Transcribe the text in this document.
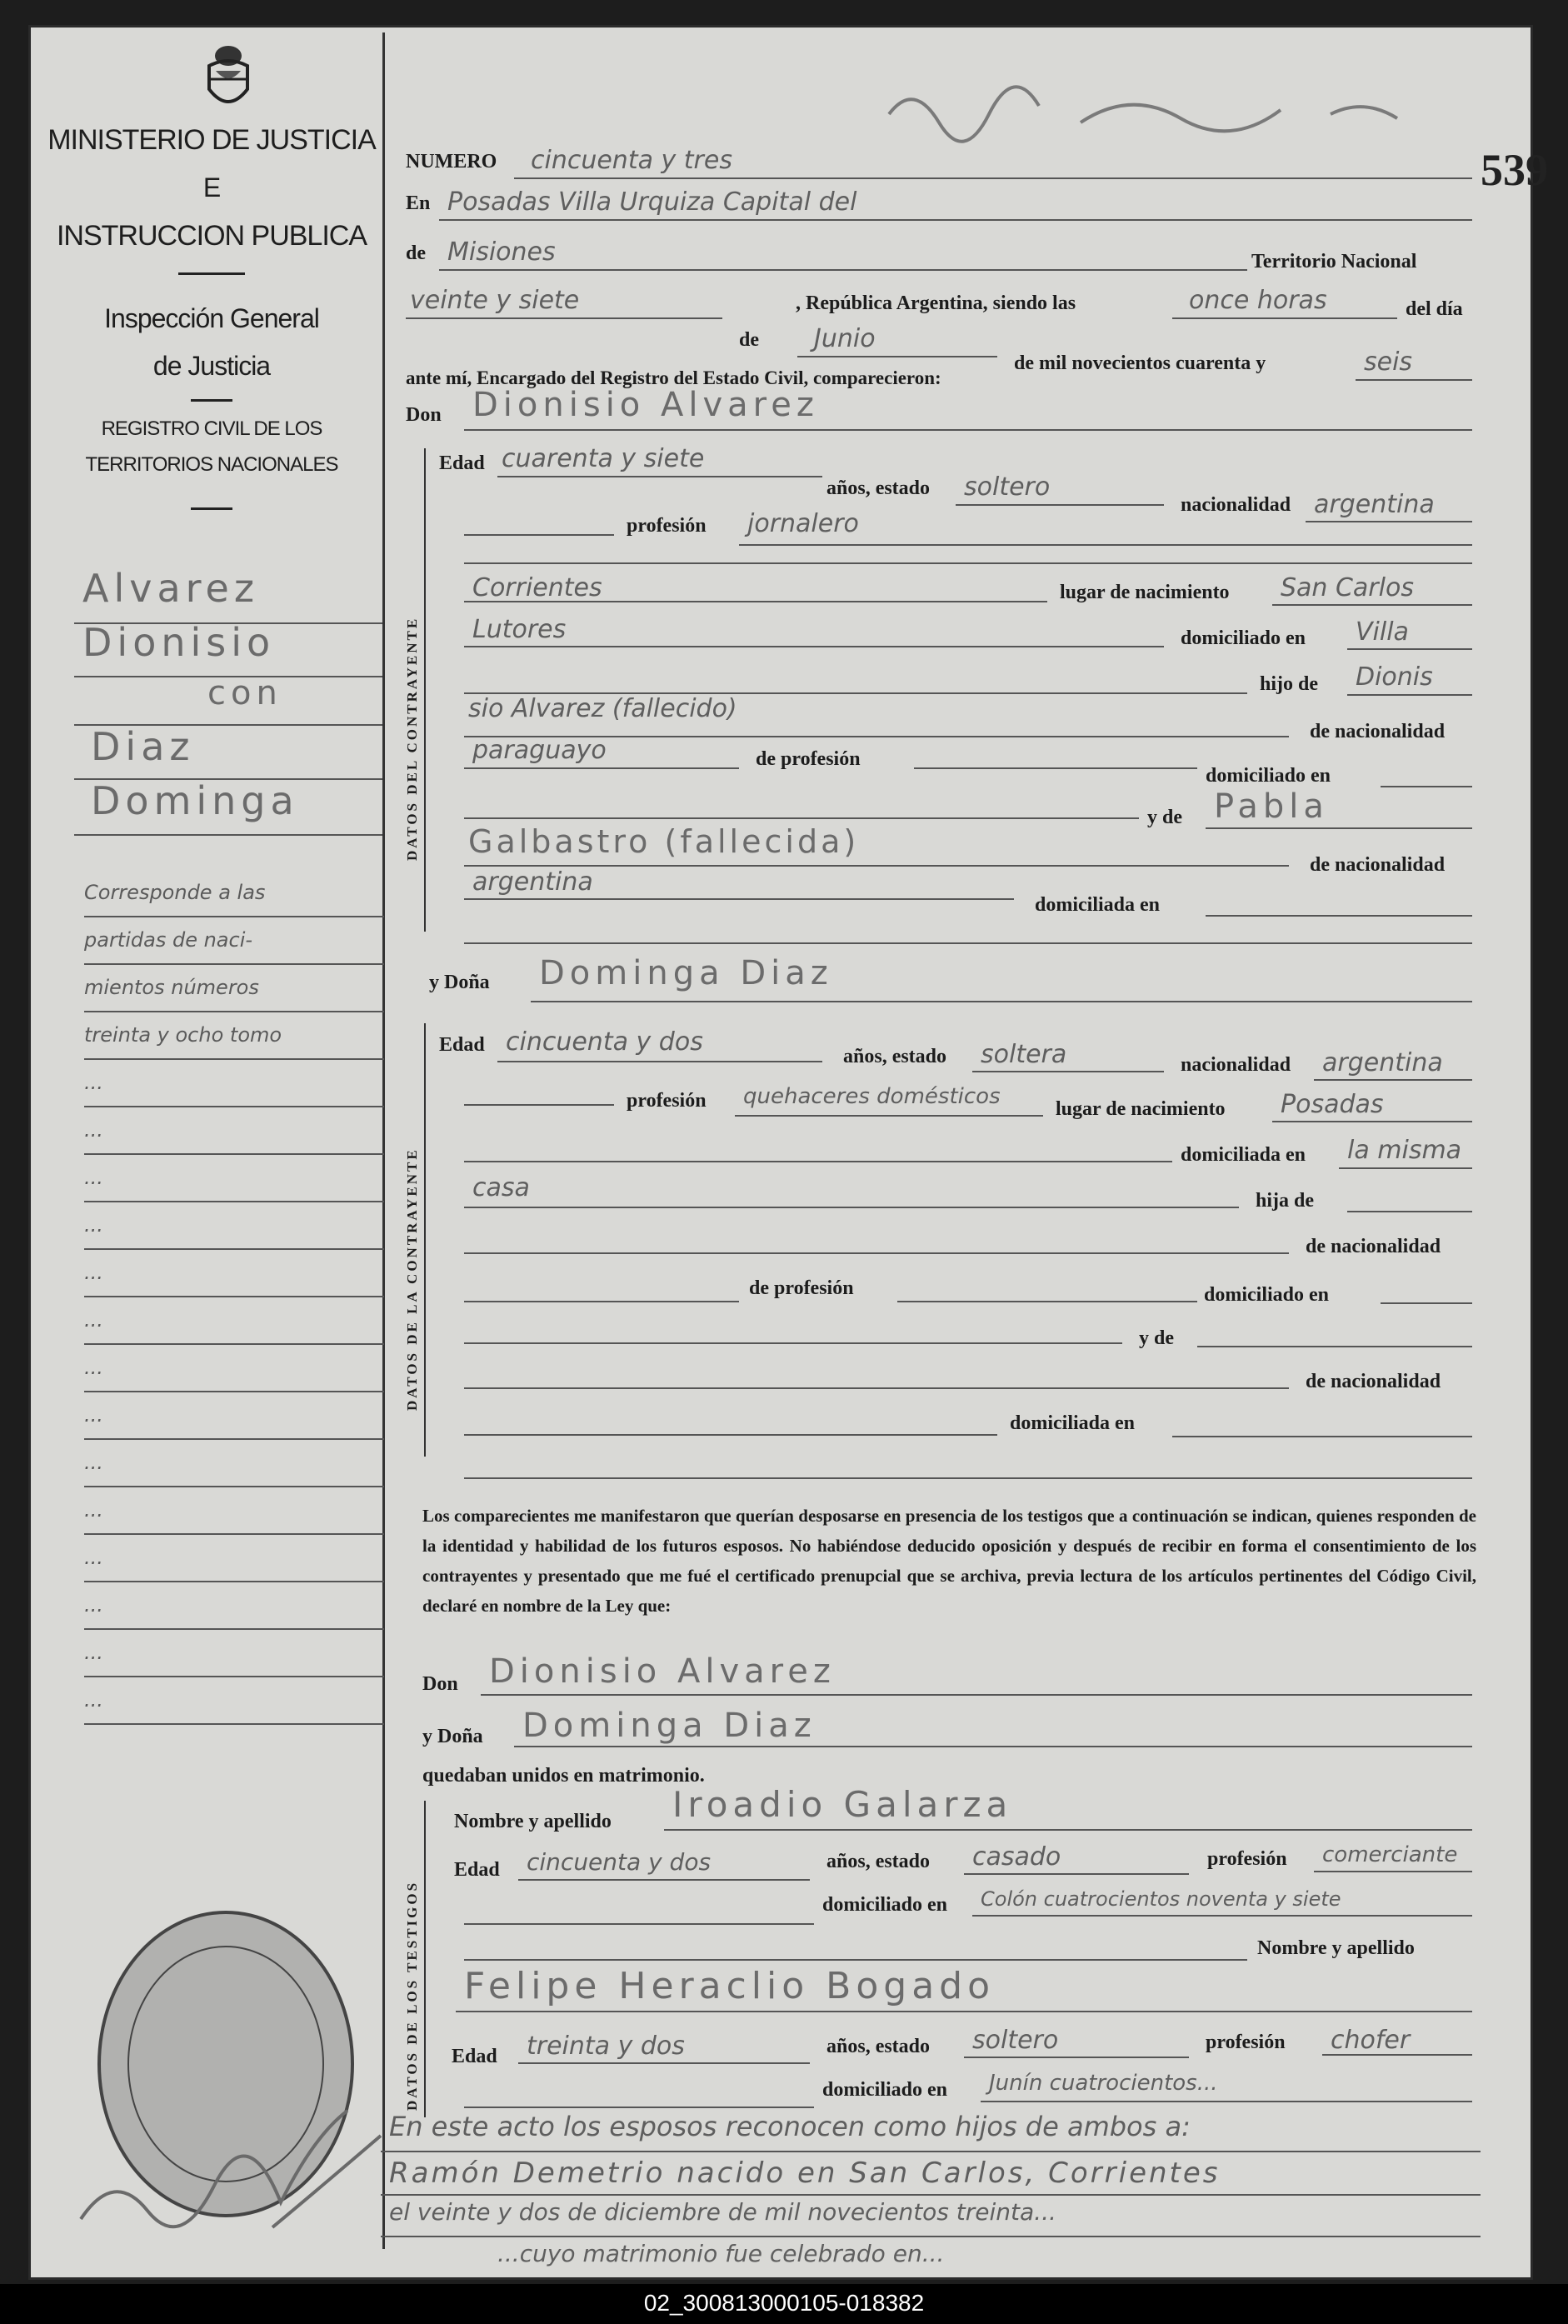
MINISTERIO DE JUSTICIA
E
INSTRUCCION PUBLICA
Inspección General
de Justicia
REGISTRO CIVIL DE LOS
TERRITORIOS NACIONALES
Alvarez
Dionisio
con
Diaz
Dominga
Corresponde a las
partidas de naci-
mientos números
treinta y ocho tomo
...
...
...
...
...
...
...
...
...
...
...
...
...
...
539
NUMERO cincuenta y tres
En Posadas Villa Urquiza Capital del
de Misiones	Territorio Nacional
veinte y siete	, República Argentina, siendo las	once horas	del día
de Junio
de mil novecientos cuarenta y	seis
ante mí, Encargado del Registro del Estado Civil, comparecieron:
Don Dionisio Alvarez
DATOS DEL CONTRAYENTE
Edad cuarenta y siete
años, estado soltero
nacionalidad argentina
profesión jornalero
Corrientes	lugar de nacimiento San Carlos
Lutores	domiciliado en Villa
hijo de Dionis
sio Alvarez (fallecido)
de nacionalidad
paraguayo	de profesión
domiciliado en
y de Pabla
Galbastro (fallecida)
de nacionalidad
argentina
domiciliada en
y Doña Dominga Diaz
DATOS DE LA CONTRAYENTE
Edad cincuenta y dos	años, estado soltera	nacionalidad argentina
profesión quehaceres domésticos	lugar de nacimiento Posadas
domiciliada en la misma
casa	hija de
de nacionalidad
de profesión	domiciliado en
y de
de nacionalidad
domiciliada en
Los comparecientes me manifestaron que querían desposarse en presencia de los testigos que a continuación se indican, quienes responden de la identidad y habilidad de los futuros esposos. No habiéndose deducido oposición y después de recibir en forma el consentimiento de los contrayentes y presentado que me fué el certificado prenupcial que se archiva, previa lectura de los artículos pertinentes del Código Civil, declaré en nombre de la Ley que:
Don Dionisio Alvarez
y Doña Dominga Diaz
quedaban unidos en matrimonio.
DATOS DE LOS TESTIGOS
Nombre y apellido Iroadio Galarza
Edad cincuenta y dos	años, estado casado	profesión comerciante
domiciliado en Colón cuatrocientos noventa y siete
Nombre y apellido
Felipe Heraclio Bogado
Edad treinta y dos	años, estado soltero	profesión chofer
domiciliado en Junín cuatrocientos...
En este acto los esposos reconocen como hijos de ambos a:
Ramón Demetrio nacido en San Carlos, Corrientes
el veinte y dos de diciembre de mil novecientos treinta...
...cuyo matrimonio fue celebrado en...
02_300813000105-018382
